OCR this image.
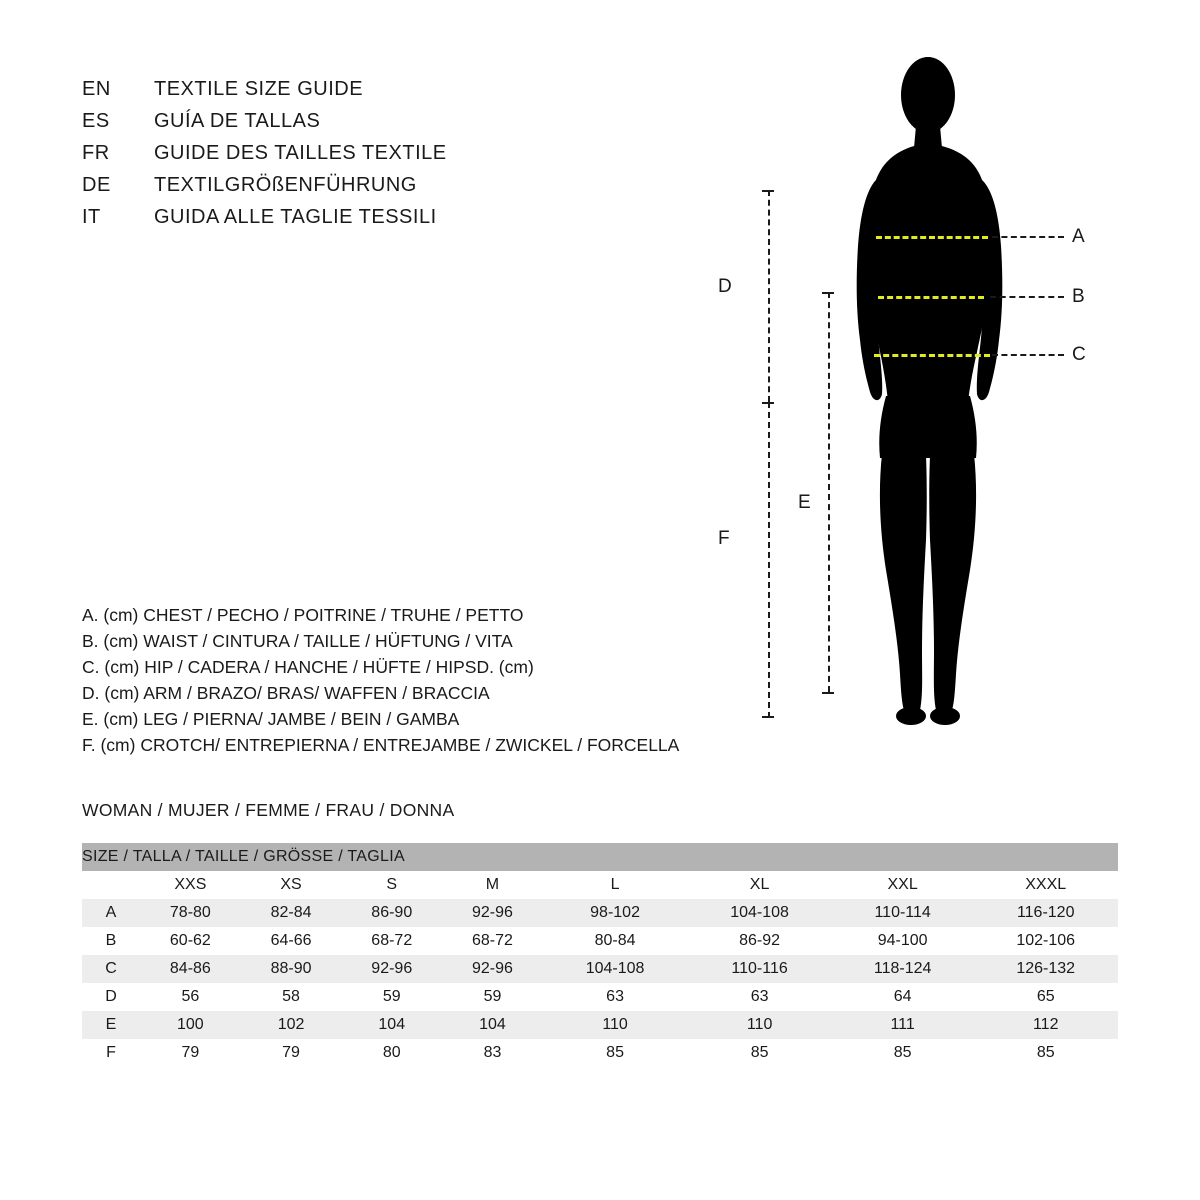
EN	TEXTILE SIZE GUIDE
ES	GUÍA DE TALLAS
FR	GUIDE DES TAILLES TEXTILE
DE	TEXTILGRÖßENFÜHRUNG
IT	GUIDA ALLE TAGLIE TESSILI
A
B
C
D
F
E
A. (cm) CHEST / PECHO / POITRINE / TRUHE / PETTO
B. (cm) WAIST / CINTURA / TAILLE / HÜFTUNG / VITA
C. (cm) HIP / CADERA / HANCHE / HÜFTE / HIPSD. (cm)
D. (cm) ARM / BRAZO/ BRAS/ WAFFEN / BRACCIA
E. (cm) LEG / PIERNA/ JAMBE / BEIN / GAMBA
F. (cm) CROTCH/ ENTREPIERNA / ENTREJAMBE / ZWICKEL / FORCELLA
WOMAN / MUJER / FEMME / FRAU / DONNA
SIZE / TALLA / TAILLE / GRÖSSE / TAGLIA								
	XXS	XS	S	M	L	XL	XXL	XXXL
A	78-80	82-84	86-90	92-96	98-102	104-108	110-114	116-120
B	60-62	64-66	68-72	68-72	80-84	86-92	94-100	102-106
C	84-86	88-90	92-96	92-96	104-108	110-116	118-124	126-132
D	56	58	59	59	63	63	64	65
E	100	102	104	104	110	110	111	112
F	79	79	80	83	85	85	85	85
